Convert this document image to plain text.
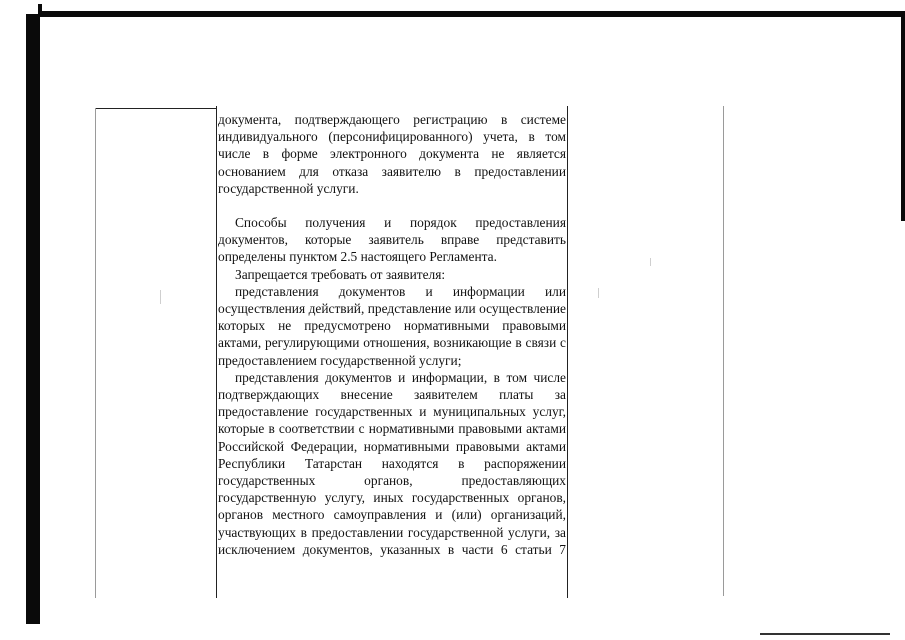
документа, подтверждающего регистрацию в системе индивидуального (персонифицированного) учета, в том числе в форме электронного документа не является основанием для отказа заявителю в предоставлении государственной услуги.

Способы получения и порядок предоставления документов, которые заявитель вправе представить определены пунктом 2.5 настоящего Регламента.

Запрещается требовать от заявителя:

представления документов и информации или осуществления действий, представление или осуществление которых не предусмотрено нормативными правовыми актами, регулирующими отношения, возникающие в связи с предоставлением государственной услуги;

представления документов и информации, в том числе подтверждающих внесение заявителем платы за предоставление государственных и муниципальных услуг, которые в соответствии с нормативными правовыми актами Российской Федерации, нормативными правовыми актами Республики Татарстан находятся в распоряжении государственных органов, предоставляющих государственную услугу, иных государственных органов, органов местного самоуправления и (или) организаций, участвующих в предоставлении государственной услуги, за исключением документов, указанных в части 6 статьи 7
